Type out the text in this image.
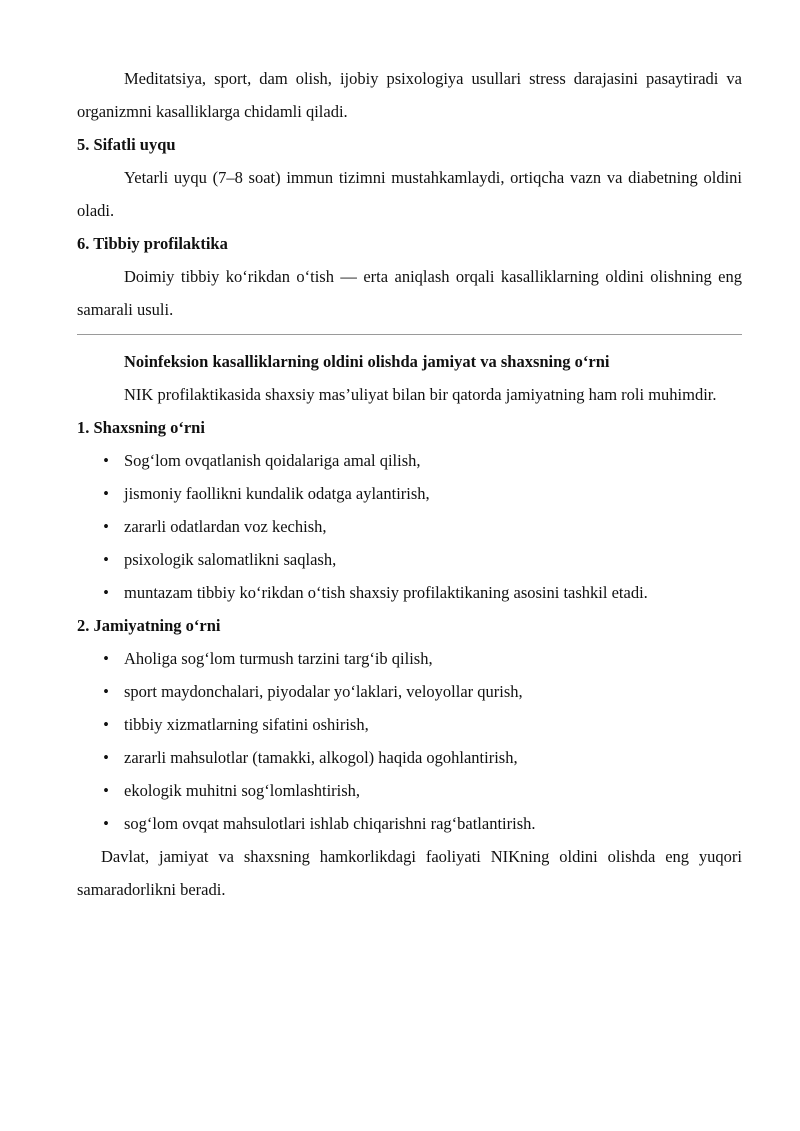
Meditatsiya, sport, dam olish, ijobiy psixologiya usullari stress darajasini pasaytiradi va organizmni kasalliklarga chidamli qiladi.

5. Sifatli uyqu

Yetarli uyqu (7–8 soat) immun tizimni mustahkamlaydi, ortiqcha vazn va diabetning oldini oladi.

6. Tibbiy profilaktika

Doimiy tibbiy ko‘rikdan o‘tish — erta aniqlash orqali kasalliklarning oldini olishning eng samarali usuli.

Noinfeksion kasalliklarning oldini olishda jamiyat va shaxsning o‘rni

NIK profilaktikasida shaxsiy mas’uliyat bilan bir qatorda jamiyatning ham roli muhimdir.

1. Shaxsning o‘rni

• Sog‘lom ovqatlanish qoidalariga amal qilish,
• jismoniy faollikni kundalik odatga aylantirish,
• zararli odatlardan voz kechish,
• psixologik salomatlikni saqlash,
• muntazam tibbiy ko‘rikdan o‘tish shaxsiy profilaktikaning asosini tashkil etadi.

2. Jamiyatning o‘rni

• Aholiga sog‘lom turmush tarzini targ‘ib qilish,
• sport maydonchalari, piyodalar yo‘laklari, veloyollar qurish,
• tibbiy xizmatlarning sifatini oshirish,
• zararli mahsulotlar (tamakki, alkogol) haqida ogohlantirish,
• ekologik muhitni sog‘lomlashtirish,
• sog‘lom ovqat mahsulotlari ishlab chiqarishni rag‘batlantirish.

Davlat, jamiyat va shaxsning hamkorlikdagi faoliyati NIKning oldini olishda eng yuqori samaradorlikni beradi.
